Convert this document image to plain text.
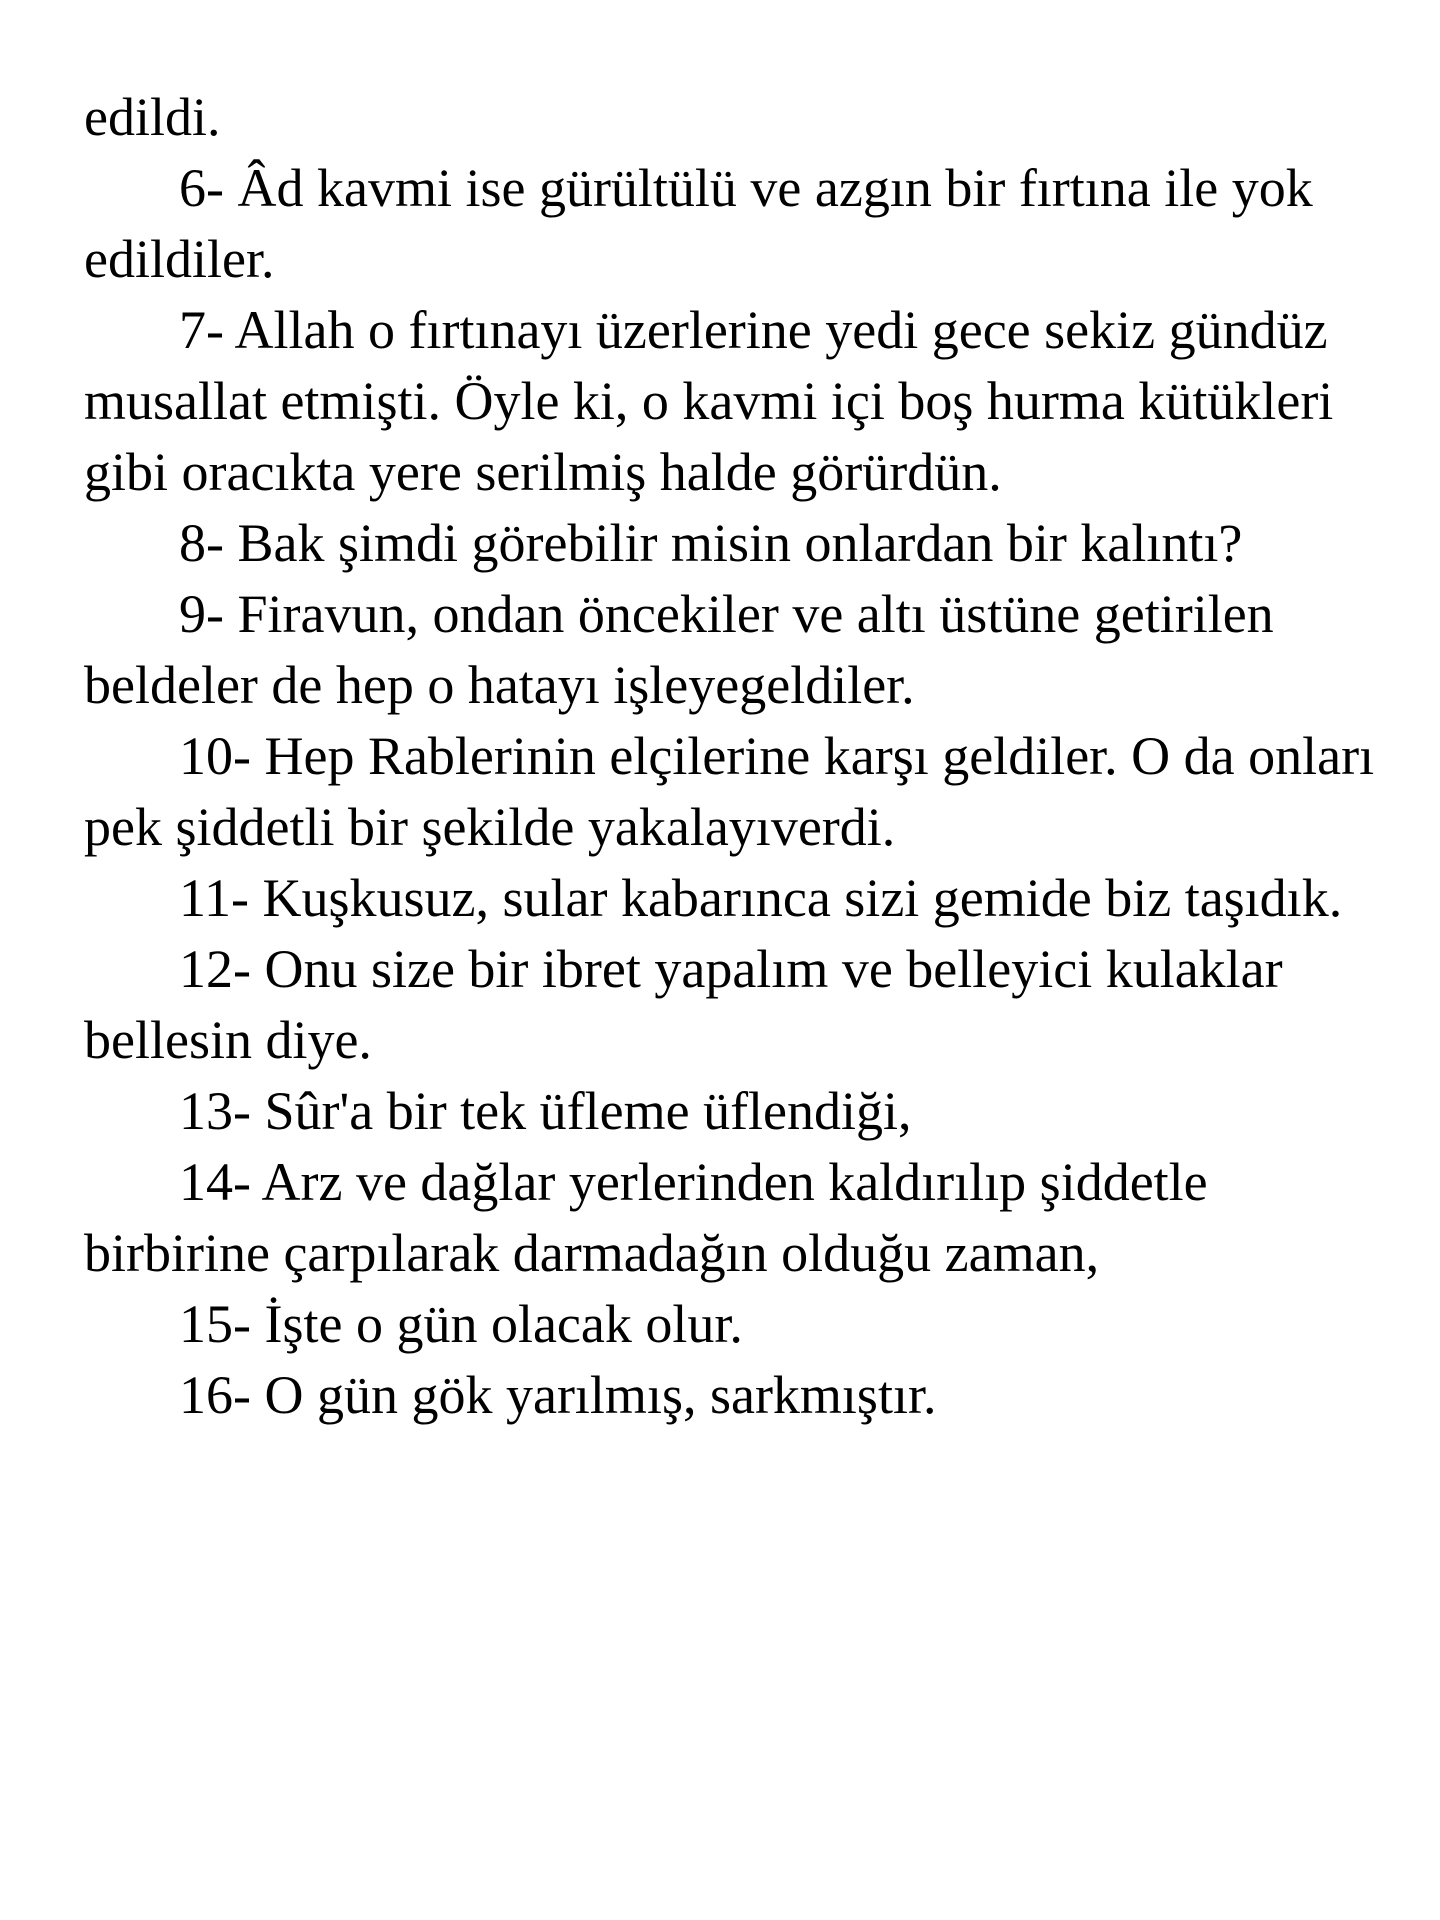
edildi.

6- Âd kavmi ise gürültülü ve azgın bir fırtına ile yok edildiler.

7- Allah o fırtınayı üzerlerine yedi gece sekiz gündüz musallat etmişti. Öyle ki, o kavmi içi boş hurma kütükleri gibi oracıkta yere serilmiş halde görürdün.

8- Bak şimdi görebilir misin onlardan bir kalıntı?

9- Firavun, ondan öncekiler ve altı üstüne getirilen beldeler de hep o hatayı işleyegeldiler.

10- Hep Rablerinin elçilerine karşı geldiler. O da onları pek şiddetli bir şekilde yakalayıverdi.

11- Kuşkusuz, sular kabarınca sizi gemide biz taşıdık.

12- Onu size bir ibret yapalım ve belleyici kulaklar bellesin diye.

13- Sûr'a bir tek üfleme üflendiği,

14- Arz ve dağlar yerlerinden kaldırılıp şiddetle birbirine çarpılarak darmadağın olduğu zaman,

15- İşte o gün olacak olur.

16- O gün gök yarılmış, sarkmıştır.
